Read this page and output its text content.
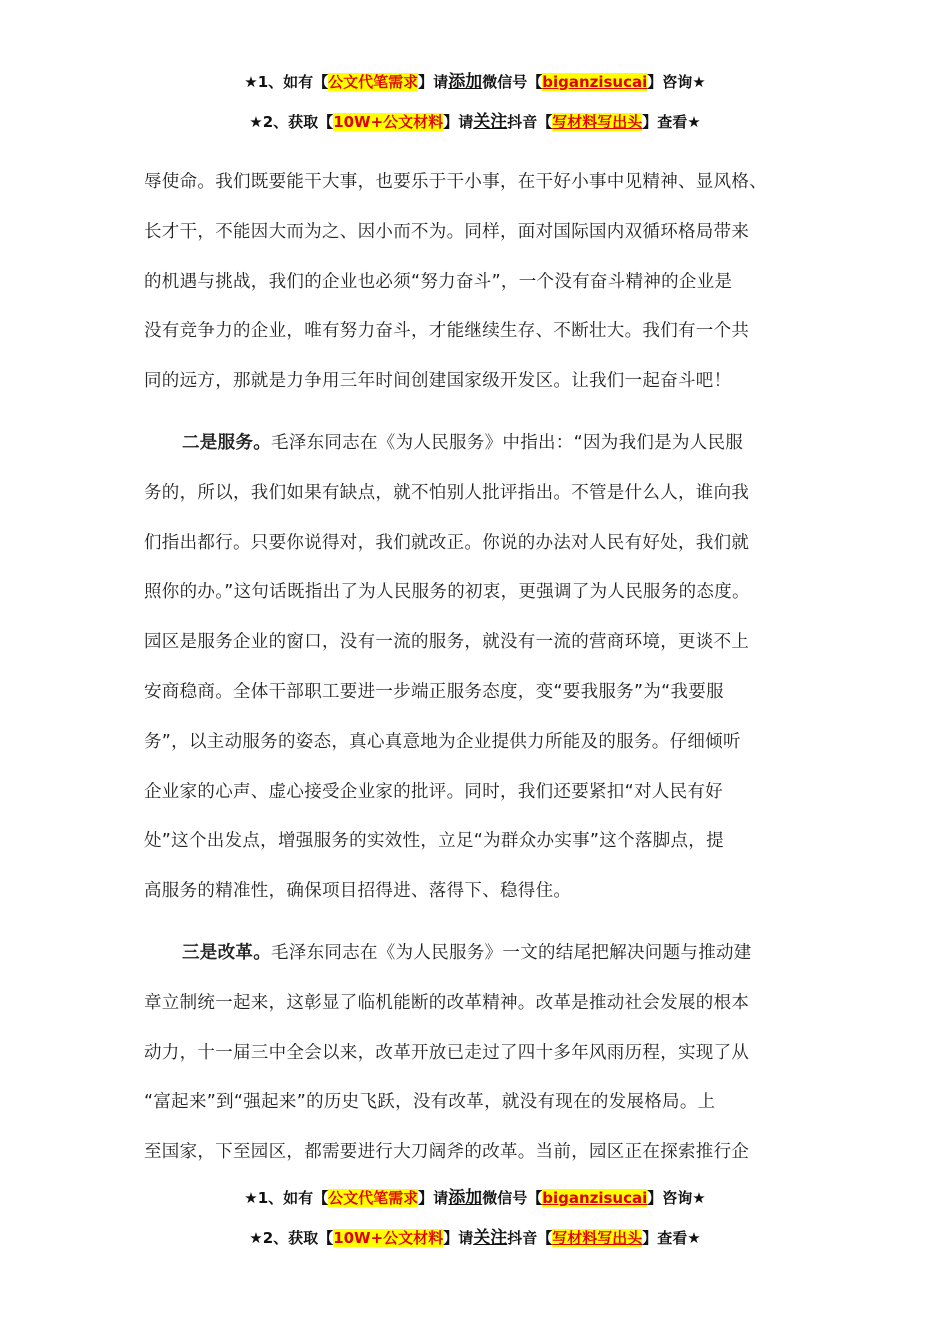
★1、如有【公文代笔需求】请添加微信号【biganzisucai】咨询★
★2、获取【10W+公文材料】请关注抖音【写材料写出头】查看★
辱使命。我们既要能干大事，也要乐于干小事，在干好小事中见精神、显风格、
长才干，不能因大而为之、因小而不为。同样，面对国际国内双循环格局带来
的机遇与挑战，我们的企业也必须“努力奋斗”，一个没有奋斗精神的企业是
没有竞争力的企业，唯有努力奋斗，才能继续生存、不断壮大。我们有一个共
同的远方，那就是力争用三年时间创建国家级开发区。让我们一起奋斗吧！
二是服务。毛泽东同志在《为人民服务》中指出：“因为我们是为人民服
务的，所以，我们如果有缺点，就不怕别人批评指出。不管是什么人，谁向我
们指出都行。只要你说得对，我们就改正。你说的办法对人民有好处，我们就
照你的办。”这句话既指出了为人民服务的初衷，更强调了为人民服务的态度。
园区是服务企业的窗口，没有一流的服务，就没有一流的营商环境，更谈不上
安商稳商。全体干部职工要进一步端正服务态度，变“要我服务”为“我要服
务”，以主动服务的姿态，真心真意地为企业提供力所能及的服务。仔细倾听
企业家的心声、虚心接受企业家的批评。同时，我们还要紧扣“对人民有好
处”这个出发点，增强服务的实效性，立足“为群众办实事”这个落脚点，提
高服务的精准性，确保项目招得进、落得下、稳得住。
三是改革。毛泽东同志在《为人民服务》一文的结尾把解决问题与推动建
章立制统一起来，这彰显了临机能断的改革精神。改革是推动社会发展的根本
动力，十一届三中全会以来，改革开放已走过了四十多年风雨历程，实现了从
“富起来”到“强起来”的历史飞跃，没有改革，就没有现在的发展格局。上
至国家，下至园区，都需要进行大刀阔斧的改革。当前，园区正在探索推行企
★1、如有【公文代笔需求】请添加微信号【biganzisucai】咨询★
★2、获取【10W+公文材料】请关注抖音【写材料写出头】查看★
